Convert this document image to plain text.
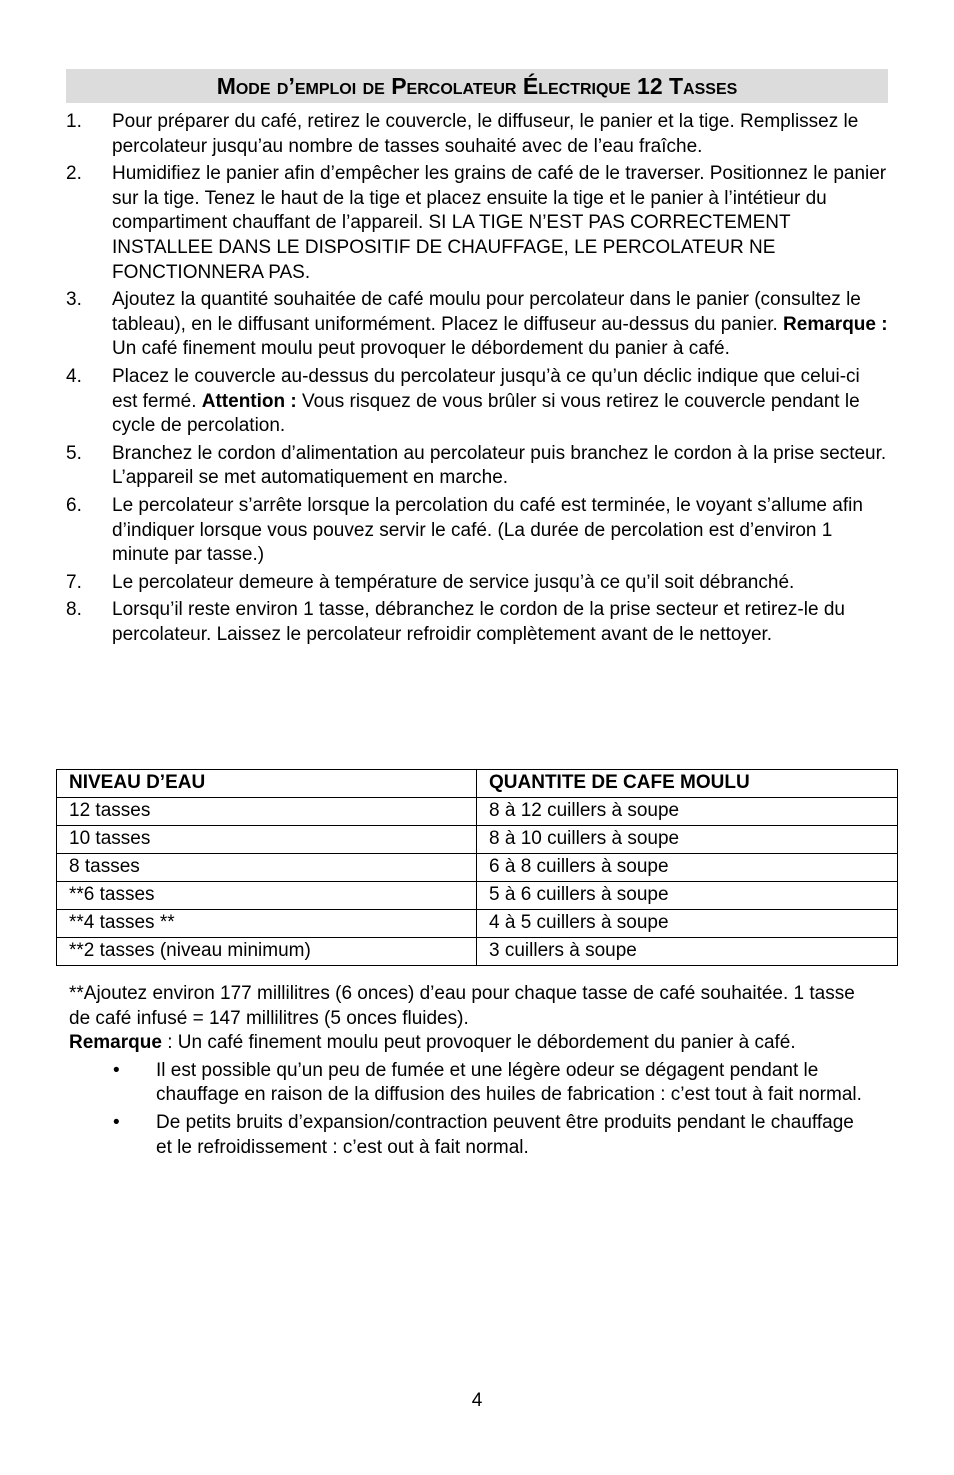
Mode d’emploi de Percolateur Électrique 12 Tasses
1.	Pour préparer du café, retirez le couvercle, le diffuseur, le panier et la tige. Remplissez le percolateur jusqu’au nombre de tasses souhaité avec de l’eau fraîche.
2.	Humidifiez le panier afin d’empêcher les grains de café de le traverser. Positionnez le panier sur la tige. Tenez le haut de la tige et placez ensuite la tige et le panier à l’intétieur du compartiment chauffant de l’appareil. SI LA TIGE N’EST PAS CORRECTEMENT INSTALLEE DANS LE DISPOSITIF DE CHAUFFAGE, LE PERCOLATEUR NE FONCTIONNERA PAS.
3.	Ajoutez la quantité souhaitée de café moulu pour percolateur dans le panier (consultez le tableau), en le diffusant uniformément. Placez le diffuseur au-dessus du panier. Remarque : Un café finement moulu peut provoquer le débordement du panier à café.
4.	Placez le couvercle au-dessus du percolateur jusqu’à ce qu’un déclic indique que celui-ci est fermé. Attention : Vous risquez de vous brûler si vous retirez le couvercle pendant le cycle de percolation.
5.	Branchez le cordon d’alimentation au percolateur puis branchez le cordon à la prise secteur. L’appareil se met automatiquement en marche.
6.	Le percolateur s’arrête lorsque la percolation du café est terminée, le voyant s’allume afin d’indiquer lorsque vous pouvez servir le café. (La durée de percolation est d’environ 1 minute par tasse.)
7.	Le percolateur demeure à température de service jusqu’à ce qu’il soit débranché.
8.	Lorsqu’il reste environ 1 tasse, débranchez le cordon de la prise secteur et retirez-le du percolateur. Laissez le percolateur refroidir complètement avant de le nettoyer.
NIVEAU D’EAU	QUANTITE DE CAFE MOULU
12 tasses	8 à 12 cuillers à soupe
10 tasses	8 à 10 cuillers à soupe
8 tasses	6 à 8 cuillers à soupe
**6 tasses	5 à 6 cuillers à soupe
**4 tasses **	4 à 5 cuillers à soupe
**2 tasses (niveau minimum)	3 cuillers à soupe

**Ajoutez environ 177 millilitres (6 onces) d’eau pour chaque tasse de café souhaitée. 1 tasse de café infusé = 147 millilitres (5 onces fluides).

Remarque : Un café finement moulu peut provoquer le débordement du panier à café.

•	Il est possible qu’un peu de fumée et une légère odeur se dégagent pendant le chauffage en raison de la diffusion des huiles de fabrication : c’est tout à fait normal.
•	De petits bruits d’expansion/contraction peuvent être produits pendant le chauffage et le refroidissement : c’est out à fait normal.
4
